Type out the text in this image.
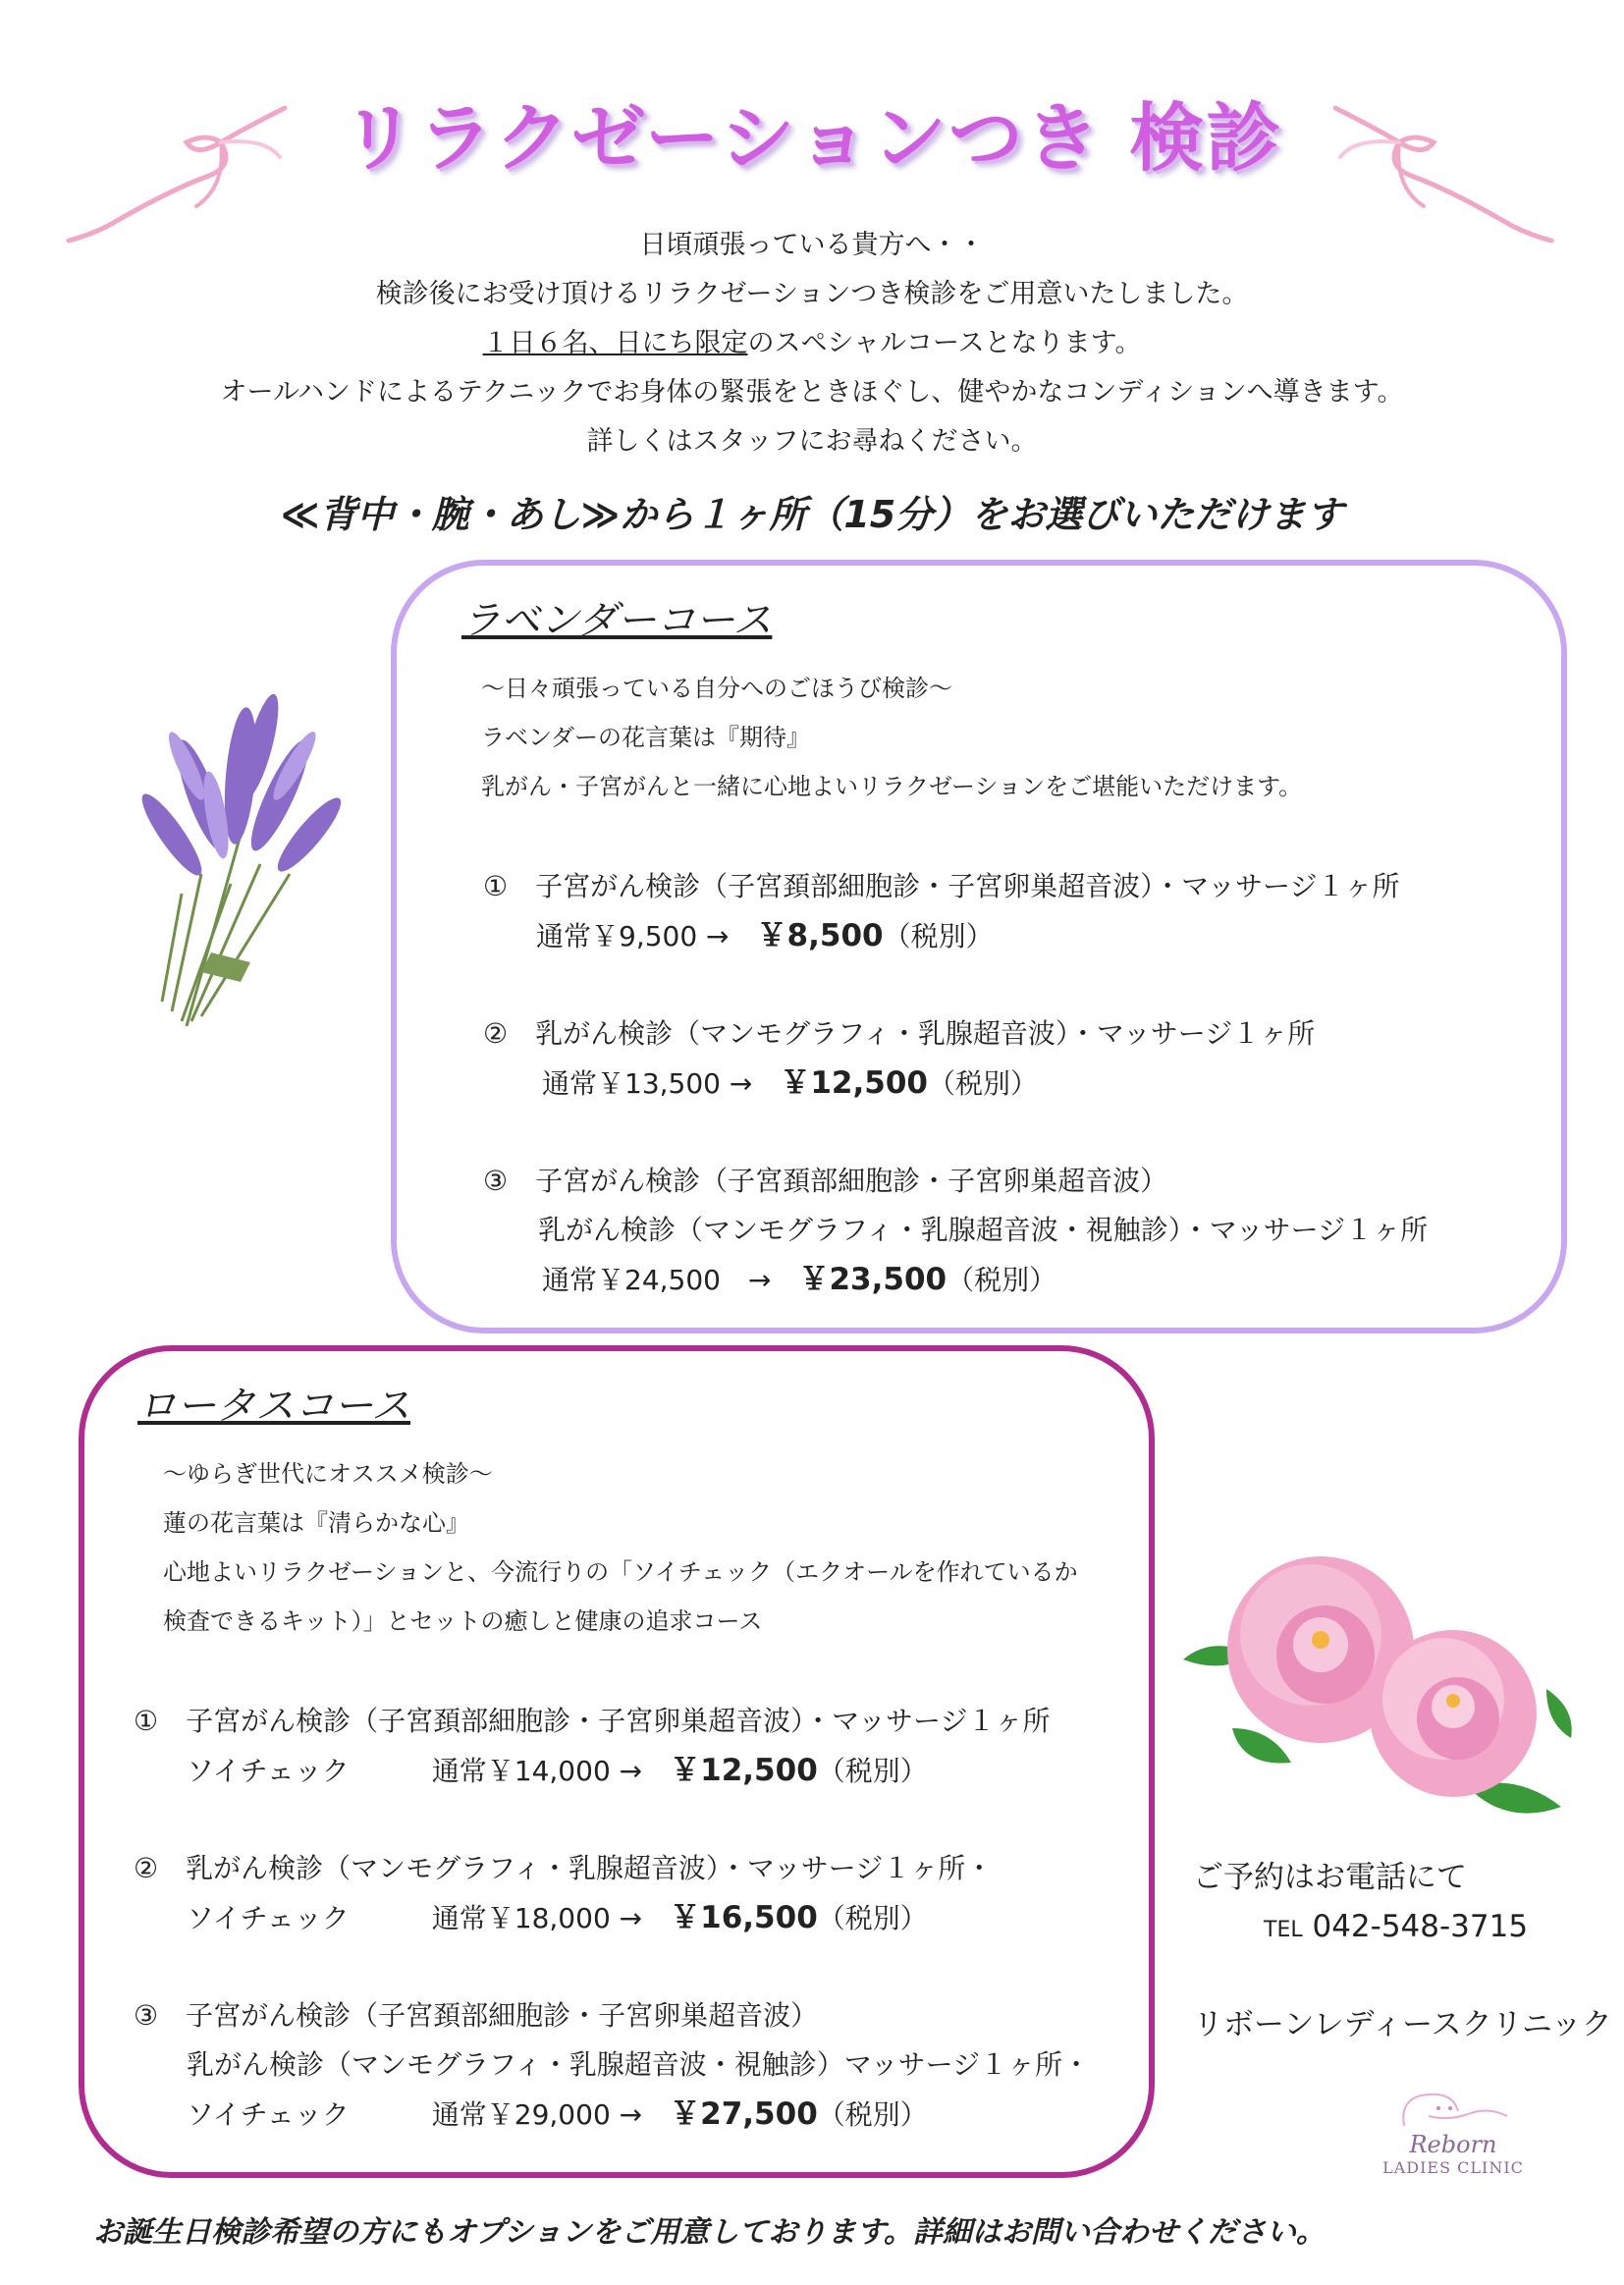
リラクゼーションつき 検診
日頃頑張っている貴方へ・・
検診後にお受け頂けるリラクゼーションつき検診をご用意いたしました。
１日６名、日にち限定のスペシャルコースとなります。
オールハンドによるテクニックでお身体の緊張をときほぐし、健やかなコンディションへ導きます。
詳しくはスタッフにお尋ねください。
≪背中・腕・あし≫から１ヶ所（15分）をお選びいただけます
ラベンダーコース
～日々頑張っている自分へのごほうび検診～
ラベンダーの花言葉は『期待』
乳がん・子宮がんと一緒に心地よいリラクゼーションをご堪能いただけます。
①　 子宮がん検診（子宮頚部細胞診・子宮卵巣超音波）・マッサージ１ヶ所
通常￥9,500 →　 ￥8,500（税別）
②　 乳がん検診（マンモグラフィ・乳腺超音波）・マッサージ１ヶ所
通常￥13,500 →　 ￥12,500（税別）
③　 子宮がん検診（子宮頚部細胞診・子宮卵巣超音波）
乳がん検診（マンモグラフィ・乳腺超音波・視触診）・マッサージ１ヶ所
通常￥24,500　→　 ￥23,500（税別）
ロータスコース
～ゆらぎ世代にオススメ検診～
蓮の花言葉は『清らかな心』
心地よいリラクゼーションと、今流行りの「ソイチェック（エクオールを作れているか
検査できるキット）」とセットの癒しと健康の追求コース
①　 子宮がん検診（子宮頚部細胞診・子宮卵巣超音波）・マッサージ１ヶ所
ソイチェック　　　	通常￥14,000 →　 ￥12,500（税別）
②　 乳がん検診（マンモグラフィ・乳腺超音波）・マッサージ１ヶ所・
ソイチェック　　　	通常￥18,000 →　 ￥16,500（税別）
③　 子宮がん検診（子宮頚部細胞診・子宮卵巣超音波）
乳がん検診（マンモグラフィ・乳腺超音波・視触診）マッサージ１ヶ所・
ソイチェック　　　	通常￥29,000 →　 ￥27,500（税別）
ご予約はお電話にて
TEL 042-548-3715
リボーンレディースクリニック
Reborn
LADIES CLINIC
お誕生日検診希望の方にもオプションをご用意しております。詳細はお問い合わせください。
